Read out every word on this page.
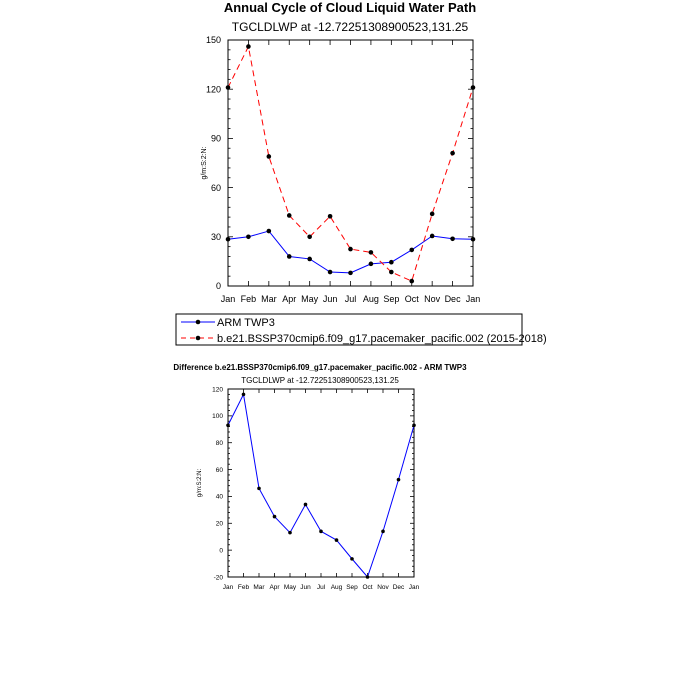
Annual Cycle of Cloud Liquid Water Path
TGCLDLWP at -12.72251308900523,131.25
g/m:S:2:N:
0
30
60
90
120
150
Jan Feb Mar Apr May Jun Jul Aug Sep Oct Nov Dec Jan
ARM TWP3
b.e21.BSSP370cmip6.f09_g17.pacemaker_pacific.002 (2015-2018)
Difference b.e21.BSSP370cmip6.f09_g17.pacemaker_pacific.002 - ARM TWP3
TGCLDLWP at -12.72251308900523,131.25
g/m:S:2:N:
-20
0
20
40
60
80
100
120
Jan Feb Mar Apr May Jun Jul Aug Sep Oct Nov Dec Jan
